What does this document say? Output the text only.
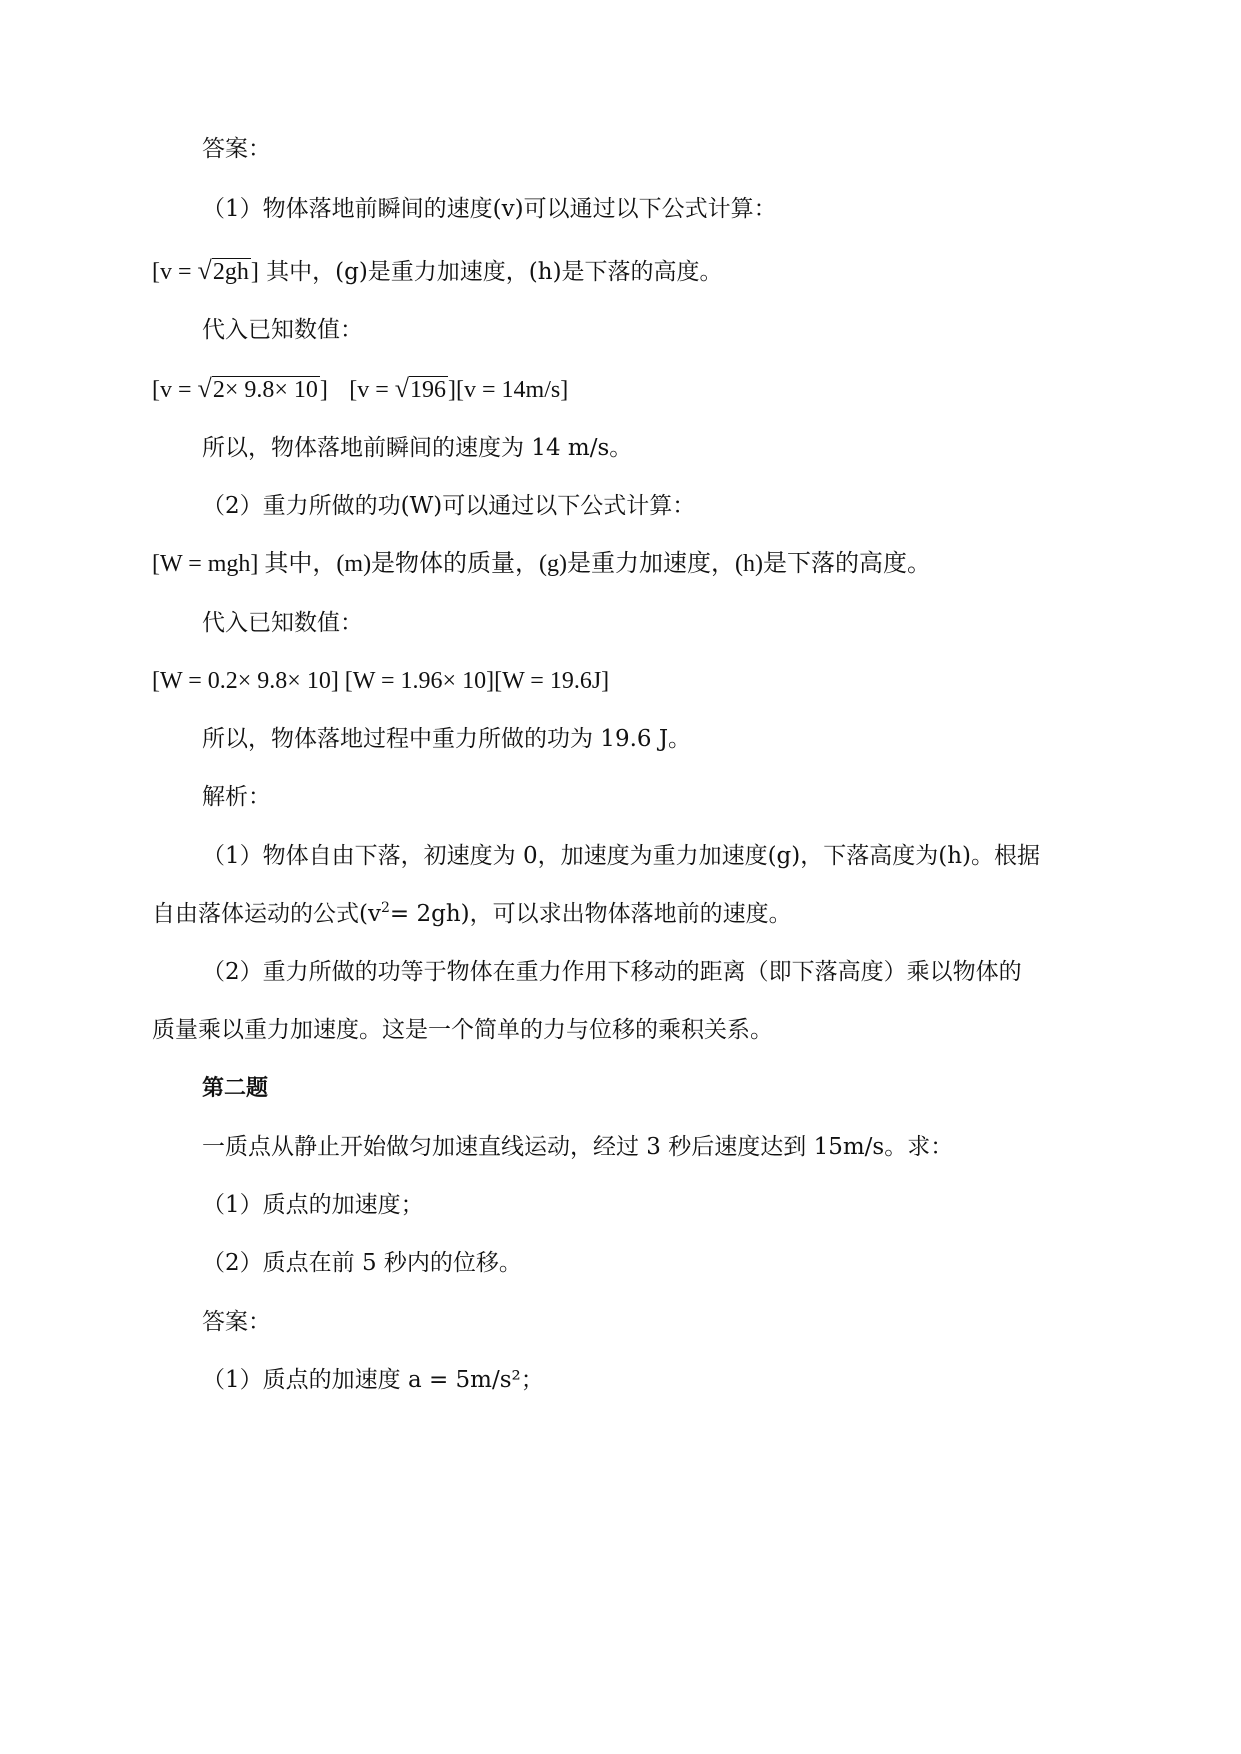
答案：
（1）物体落地前瞬间的速度(v)可以通过以下公式计算：
[v = √2gh] 其中，(g)是重力加速度，(h)是下落的高度。
代入已知数值：
[v = √2× 9.8× 10] [v = √196][v = 14m/s]
所以，物体落地前瞬间的速度为 14 m/s。
（2）重力所做的功(W)可以通过以下公式计算：
[W = mgh] 其中，(m)是物体的质量，(g)是重力加速度，(h)是下落的高度。
代入已知数值：
[W = 0.2× 9.8× 10] [W = 1.96× 10][W = 19.6J]
所以，物体落地过程中重力所做的功为 19.6 J。
解析：
（1）物体自由下落，初速度为 0，加速度为重力加速度(g)，下落高度为(h)。根据
自由落体运动的公式$(v^2= 2gh)$，可以求出物体落地前的速度。
（2）重力所做的功等于物体在重力作用下移动的距离（即下落高度）乘以物体的
质量乘以重力加速度。这是一个简单的力与位移的乘积关系。
第二题
一质点从静止开始做匀加速直线运动，经过 3 秒后速度达到 15m/s。求：
（1）质点的加速度；
（2）质点在前 5 秒内的位移。
答案：
（1）质点的加速度 a = 5m/s²；
